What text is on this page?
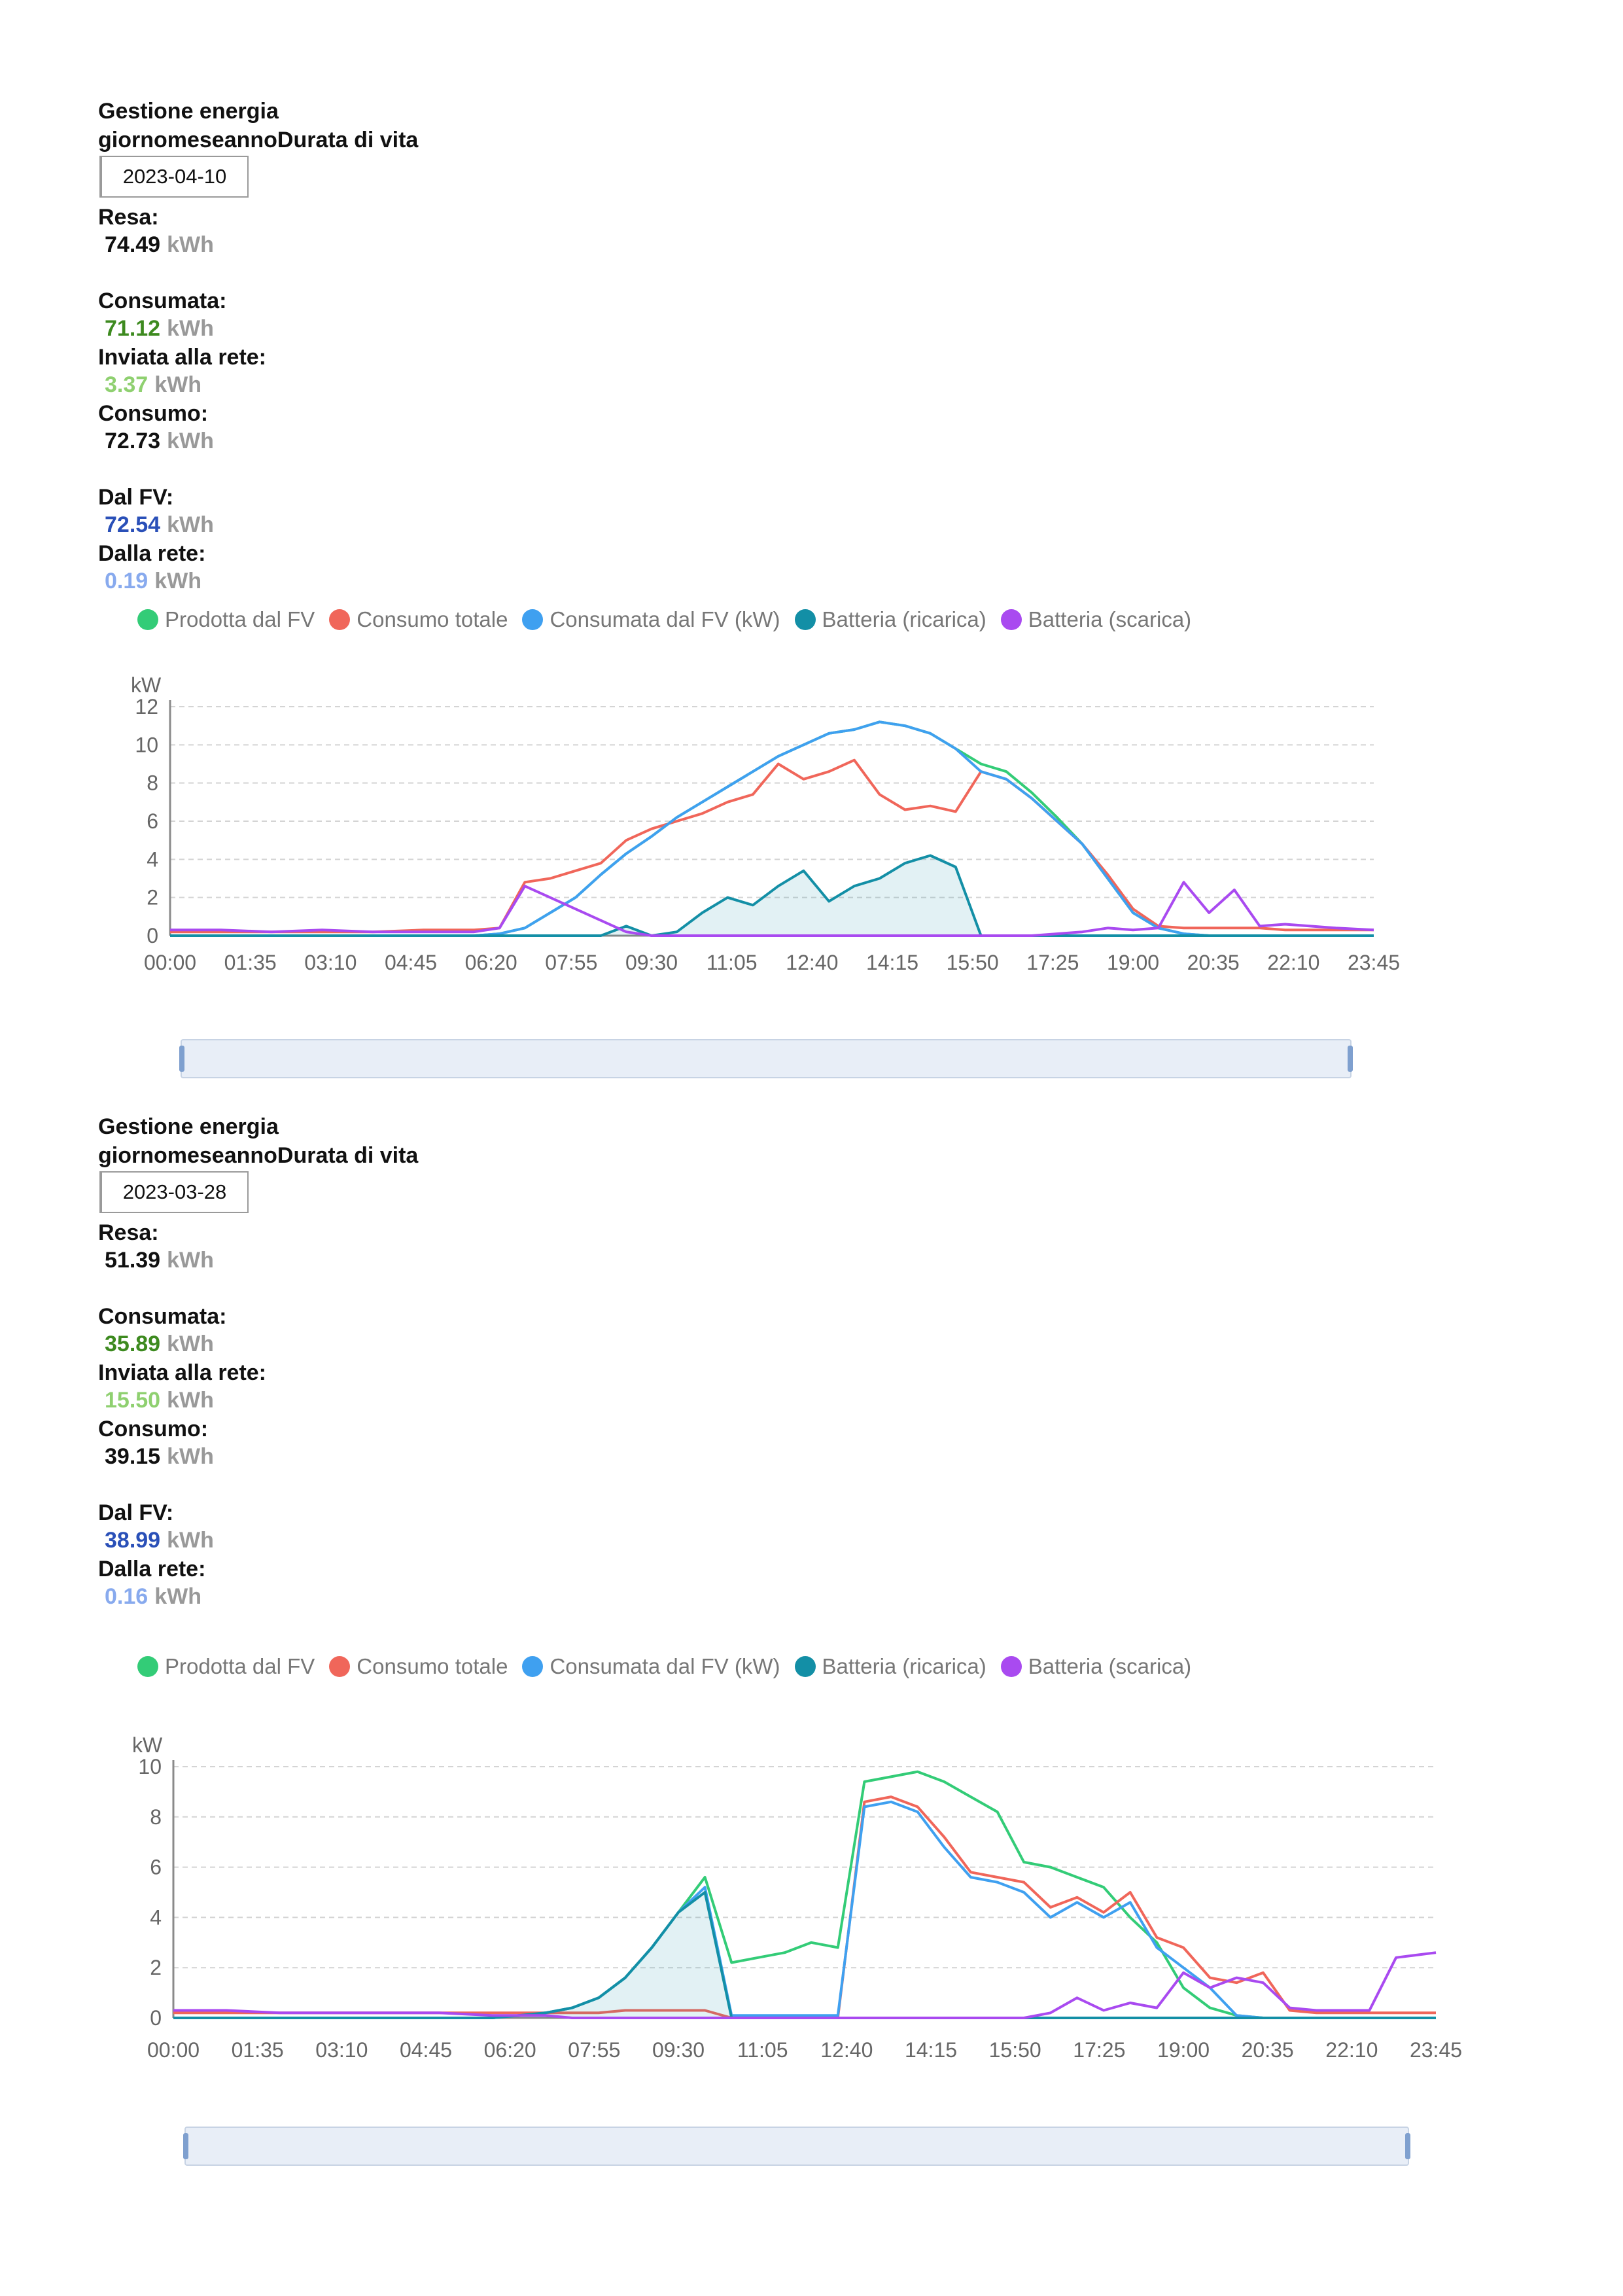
Gestione energia
giornomeseannoDurata di vita
2023-04-10
Resa:
74.49 kWh
Consumata:
71.12 kWh
Inviata alla rete:
3.37 kWh
Consumo:
72.73 kWh
Dal FV:
72.54 kWh
Dalla rete:
0.19 kWh
Prodotta dal FV Consumo totale Consumata dal FV (kW) Batteria (ricarica) Batteria (scarica)
kW
0
2
4
6
8
10
12
00:00 01:35 03:10 04:45 06:20 07:55 09:30 11:05 12:40 14:15 15:50 17:25 19:00 20:35 22:10 23:45
Gestione energia
giornomeseannoDurata di vita
2023-03-28
Resa:
51.39 kWh
Consumata:
35.89 kWh
Inviata alla rete:
15.50 kWh
Consumo:
39.15 kWh
Dal FV:
38.99 kWh
Dalla rete:
0.16 kWh
Prodotta dal FV Consumo totale Consumata dal FV (kW) Batteria (ricarica) Batteria (scarica)
kW
0
2
4
6
8
10
00:00 01:35 03:10 04:45 06:20 07:55 09:30 11:05 12:40 14:15 15:50 17:25 19:00 20:35 22:10 23:45
